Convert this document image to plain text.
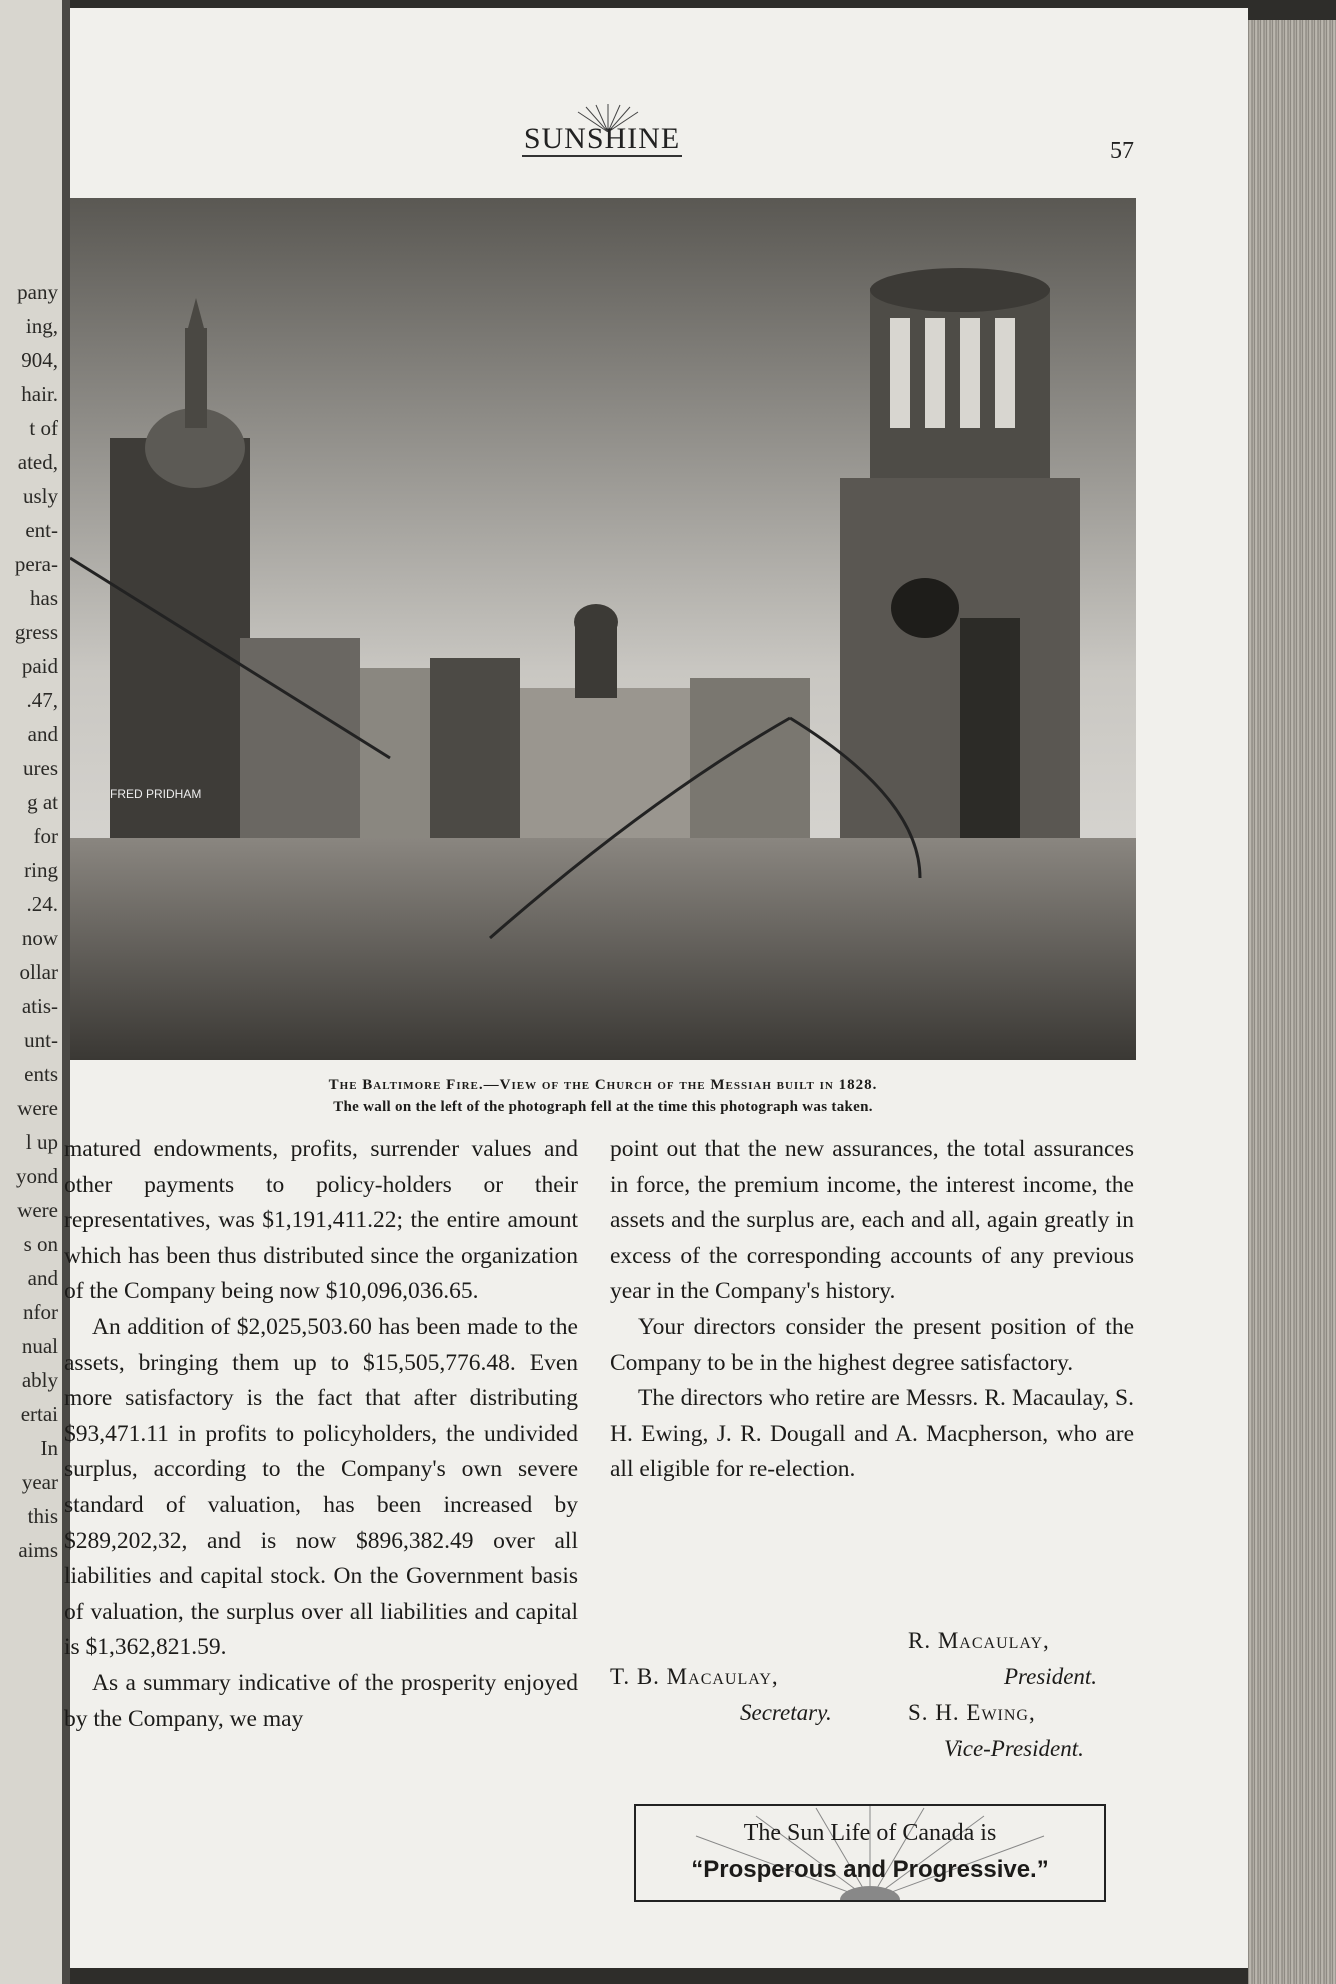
pany
ing,
904,
hair.
t of
ated,
usly
ent-
pera-
has
gress
paid
.47,
and
ures
g at
for
ring
.24.
now
ollar
atis-
unt-
ents
were
l up
yond
were
s on
and
nfor
nual
ably
ertai
In
year
this
aims
SUNSHINE	57
FRED PRIDHAM
The Baltimore Fire.—View of the Church of the Messiah built in 1828.
The wall on the left of the photograph fell at the time this photograph was taken.

matured endowments, profits, surrender values and other payments to policy-holders or their representatives, was $1,191,411.22; the entire amount which has been thus distributed since the organization of the Company being now $10,096,036.65.

An addition of $2,025,503.60 has been made to the assets, bringing them up to $15,505,776.48. Even more satisfactory is the fact that after distributing $93,471.11 in profits to policyholders, the undivided surplus, according to the Company's own severe standard of valuation, has been increased by $289,202,32, and is now $896,382.49 over all liabilities and capital stock. On the Government basis of valuation, the surplus over all liabilities and capital is $1,362,821.59.

As a summary indicative of the prosperity enjoyed by the Company, we may

point out that the new assurances, the total assurances in force, the premium income, the interest income, the assets and the surplus are, each and all, again greatly in excess of the corresponding accounts of any previous year in the Company's history.

Your directors consider the present position of the Company to be in the highest degree satisfactory.

The directors who retire are Messrs. R. Macaulay, S. H. Ewing, J. R. Dougall and A. Macpherson, who are all eligible for re-election.

R. Macaulay,
President.
T. B. Macaulay,
Secretary.	S. H. Ewing,
Vice-President.
The Sun Life of Canada is
“Prosperous and Progressive.”
